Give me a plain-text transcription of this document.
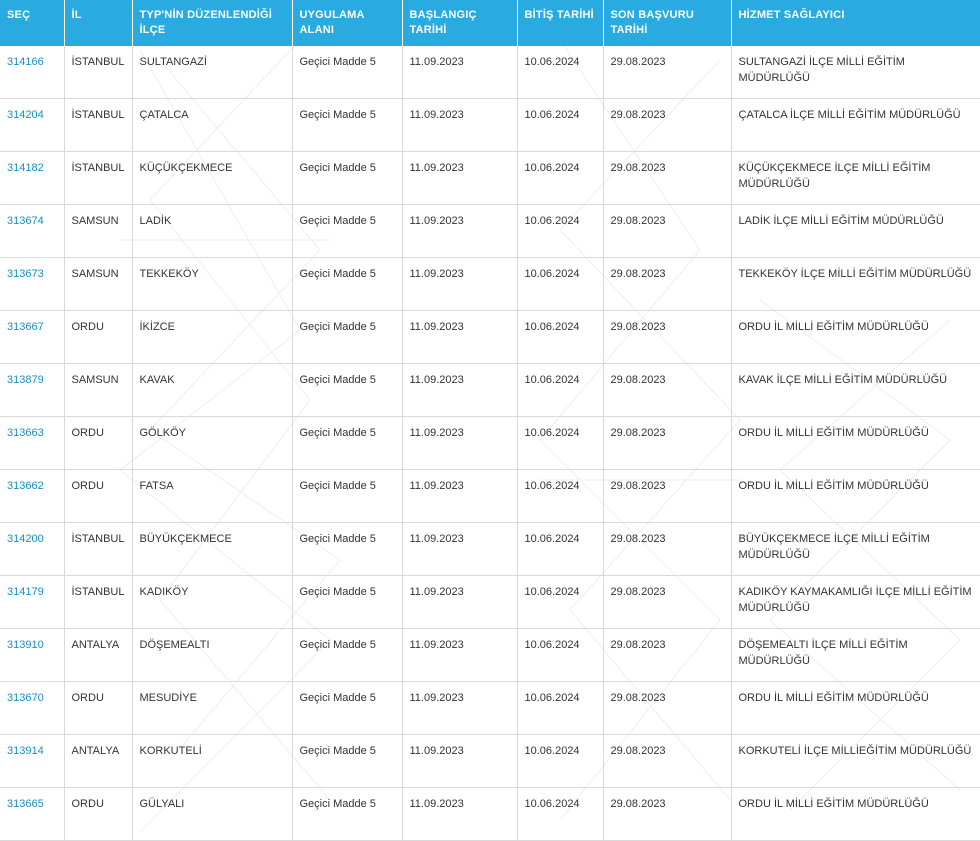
SEÇ	İL	TYP'NİN DÜZENLENDİĞİ İLÇE	UYGULAMA ALANI	BAŞLANGIÇ TARİHİ	BİTİŞ TARİHİ	SON BAŞVURU TARİHİ	HİZMET SAĞLAYICI
314166	İSTANBUL	SULTANGAZİ	Geçici Madde 5	11.09.2023	10.06.2024	29.08.2023	SULTANGAZİ İLÇE MİLLİ EĞİTİM MÜDÜRLÜĞÜ
314204	İSTANBUL	ÇATALCA	Geçici Madde 5	11.09.2023	10.06.2024	29.08.2023	ÇATALCA İLÇE MİLLİ EĞİTİM MÜDÜRLÜĞÜ
314182	İSTANBUL	KÜÇÜKÇEKMECE	Geçici Madde 5	11.09.2023	10.06.2024	29.08.2023	KÜÇÜKÇEKMECE İLÇE MİLLİ EĞİTİM MÜDÜRLÜĞÜ
313674	SAMSUN	LADİK	Geçici Madde 5	11.09.2023	10.06.2024	29.08.2023	LADİK İLÇE MİLLİ EĞİTİM MÜDÜRLÜĞÜ
313673	SAMSUN	TEKKEKÖY	Geçici Madde 5	11.09.2023	10.06.2024	29.08.2023	TEKKEKÖY İLÇE MİLLİ EĞİTİM MÜDÜRLÜĞÜ
313667	ORDU	İKİZCE	Geçici Madde 5	11.09.2023	10.06.2024	29.08.2023	ORDU İL MİLLİ EĞİTİM MÜDÜRLÜĞÜ
313879	SAMSUN	KAVAK	Geçici Madde 5	11.09.2023	10.06.2024	29.08.2023	KAVAK İLÇE MİLLİ EĞİTİM MÜDÜRLÜĞÜ
313663	ORDU	GÖLKÖY	Geçici Madde 5	11.09.2023	10.06.2024	29.08.2023	ORDU İL MİLLİ EĞİTİM MÜDÜRLÜĞÜ
313662	ORDU	FATSA	Geçici Madde 5	11.09.2023	10.06.2024	29.08.2023	ORDU İL MİLLİ EĞİTİM MÜDÜRLÜĞÜ
314200	İSTANBUL	BÜYÜKÇEKMECE	Geçici Madde 5	11.09.2023	10.06.2024	29.08.2023	BÜYÜKÇEKMECE İLÇE MİLLİ EĞİTİM MÜDÜRLÜĞÜ
314179	İSTANBUL	KADIKÖY	Geçici Madde 5	11.09.2023	10.06.2024	29.08.2023	KADIKÖY KAYMAKAMLIĞI İLÇE MİLLİ EĞİTİM MÜDÜRLÜĞÜ
313910	ANTALYA	DÖŞEMEALTI	Geçici Madde 5	11.09.2023	10.06.2024	29.08.2023	DÖŞEMEALTI İLÇE MİLLİ EĞİTİM MÜDÜRLÜĞÜ
313670	ORDU	MESUDİYE	Geçici Madde 5	11.09.2023	10.06.2024	29.08.2023	ORDU İL MİLLİ EĞİTİM MÜDÜRLÜĞÜ
313914	ANTALYA	KORKUTELİ	Geçici Madde 5	11.09.2023	10.06.2024	29.08.2023	KORKUTELİ İLÇE MİLLİEĞİTİM MÜDÜRLÜĞÜ
313665	ORDU	GÜLYALI	Geçici Madde 5	11.09.2023	10.06.2024	29.08.2023	ORDU İL MİLLİ EĞİTİM MÜDÜRLÜĞÜ
